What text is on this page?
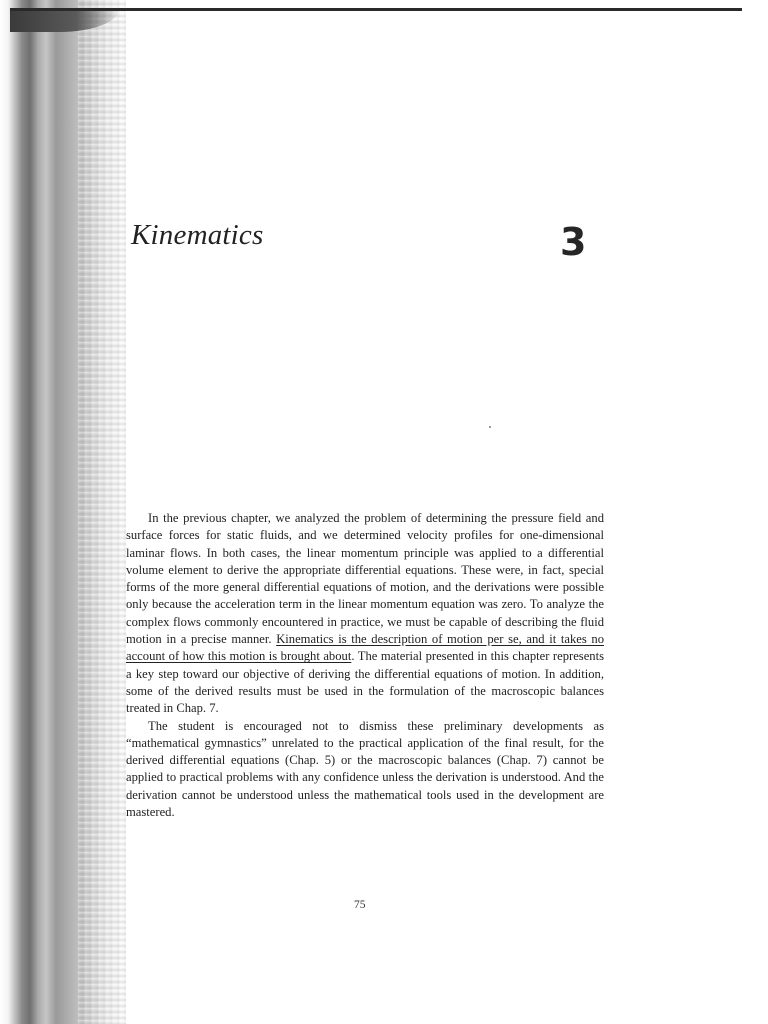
Kinematics	3

In the previous chapter, we analyzed the problem of determining the pressure field and surface forces for static fluids, and we determined velocity profiles for one-dimensional laminar flows. In both cases, the linear momentum principle was applied to a differential volume element to derive the appropriate differential equations. These were, in fact, special forms of the more general differential equations of motion, and the derivations were possible only because the acceleration term in the linear momentum equation was zero. To analyze the complex flows commonly encountered in practice, we must be capable of describing the fluid motion in a precise manner. Kinematics is the description of motion per se, and it takes no account of how this motion is brought about. The material presented in this chapter represents a key step toward our objective of deriving the differential equations of motion. In addition, some of the derived results must be used in the formulation of the macroscopic balances treated in Chap. 7.

The student is encouraged not to dismiss these preliminary developments as “mathematical gymnastics” unrelated to the practical application of the final result, for the derived differential equations (Chap. 5) or the macroscopic balances (Chap. 7) cannot be applied to practical problems with any confidence unless the derivation is understood. And the derivation cannot be understood unless the mathematical tools used in the development are mastered.

75
